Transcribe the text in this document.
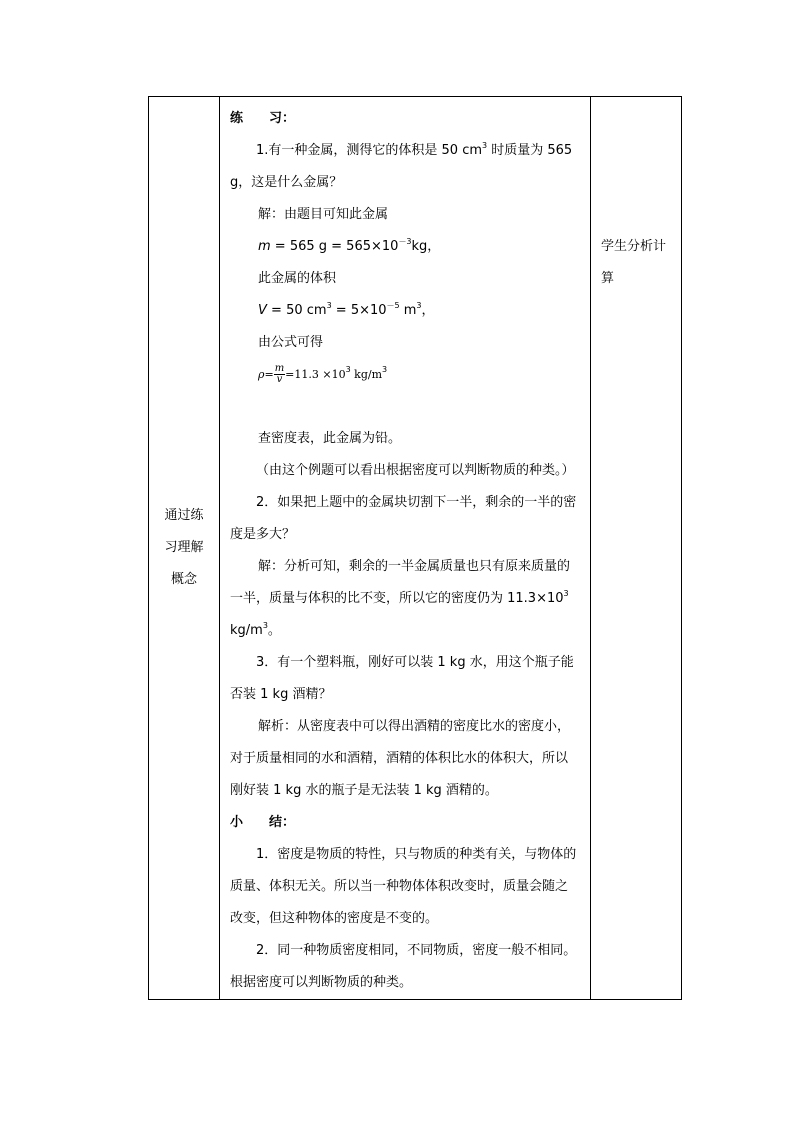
通过练
习理解
概念

练　　习：
1.有一种金属，测得它的体积是 50 $cm^3$ 时质量为 565
g，这是什么金属？
解：由题目可知此金属
m = 565 $g = 565\times 10^{-3}kg$，
此金属的体积
V = 50 $cm^3 = 5\times 10^{-5}$ $m^3$，
由公式可得
$\rho= \frac{m}{v} =11.3 \times 10^3$ $kg/m^3$
查密度表，此金属为铅。
（由这个例题可以看出根据密度可以判断物质的种类。）
2．如果把上题中的金属块切割下一半，剩余的一半的密
度是多大？
解：分析可知，剩余的一半金属质量也只有原来质量的
一半，质量与体积的比不变，所以它的密度仍为 $11.3\times 10^3$
$kg/m^3$。
3．有一个塑料瓶，刚好可以装 1 kg 水，用这个瓶子能
否装 1 kg 酒精？
解析：从密度表中可以得出酒精的密度比水的密度小，
对于质量相同的水和酒精，酒精的体积比水的体积大，所以
刚好装 1 kg 水的瓶子是无法装 1 kg 酒精的。
小　　结：
1．密度是物质的特性，只与物质的种类有关，与物体的
质量、体积无关。所以当一种物体体积改变时，质量会随之
改变，但这种物体的密度是不变的。
2．同一种物质密度相同，不同物质，密度一般不相同。
根据密度可以判断物质的种类。

学生分析计
算
